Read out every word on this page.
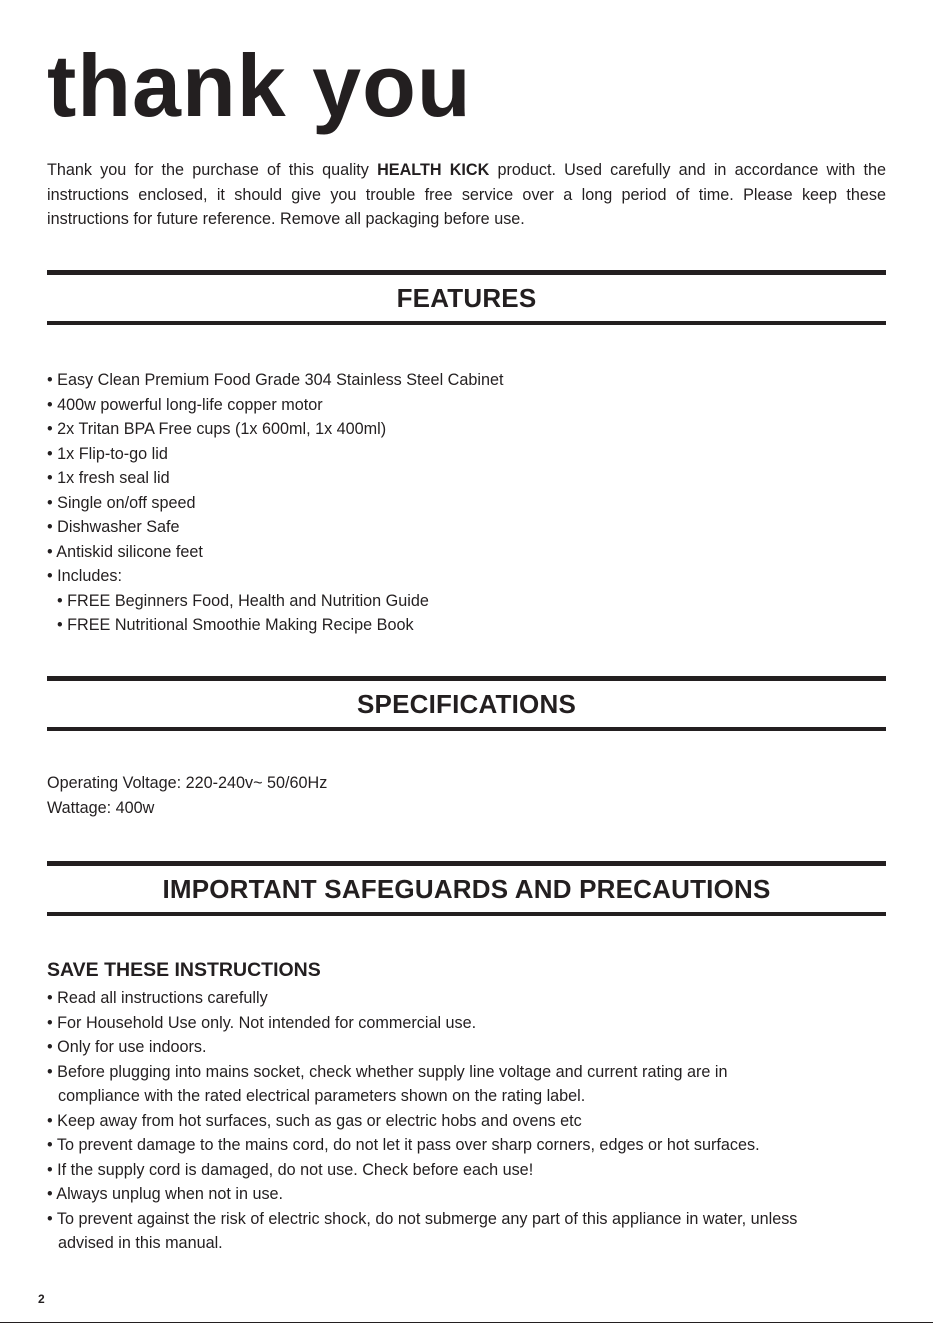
thank you

Thank you for the purchase of this quality HEALTH KICK product. Used carefully and in accordance with the instructions enclosed, it should give you trouble free service over a long period of time. Please keep these instructions for future reference. Remove all packaging before use.

FEATURES
• Easy Clean Premium Food Grade 304 Stainless Steel Cabinet
• 400w powerful long-life copper motor
• 2x Tritan BPA Free cups (1x 600ml, 1x 400ml)
• 1x Flip-to-go lid
• 1x fresh seal lid
• Single on/off speed
• Dishwasher Safe
• Antiskid silicone feet
• Includes:
• FREE Beginners Food, Health and Nutrition Guide
• FREE Nutritional Smoothie Making Recipe Book
SPECIFICATIONS
Operating Voltage: 220-240v~ 50/60Hz
Wattage: 400w
IMPORTANT SAFEGUARDS AND PRECAUTIONS
SAVE THESE INSTRUCTIONS
• Read all instructions carefully
• For Household Use only. Not intended for commercial use.
• Only for use indoors.
• Before plugging into mains socket, check whether supply line voltage and current rating are in
compliance with the rated electrical parameters shown on the rating label.
• Keep away from hot surfaces, such as gas or electric hobs and ovens etc
• To prevent damage to the mains cord, do not let it pass over sharp corners, edges or hot surfaces.
• If the supply cord is damaged, do not use. Check before each use!
• Always unplug when not in use.
• To prevent against the risk of electric shock, do not submerge any part of this appliance in water, unless
advised in this manual.
2
